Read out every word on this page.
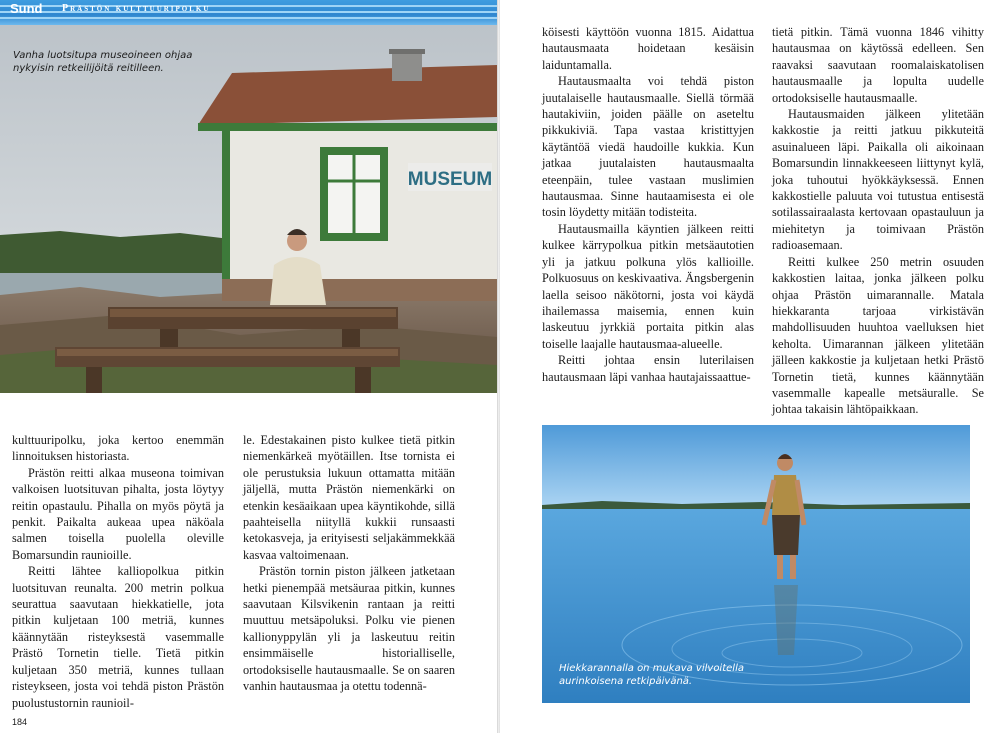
Sund Prästön kulttuuripolku
MUSEUM
Vanha luotsitupa museoineen ohjaa
nykyisin retkeilijöitä reitilleen.

kulttuuripolku, joka kertoo enemmän linnoituksen historiasta.

Prästön reitti alkaa museona toimivan valkoisen luotsituvan pihalta, josta löytyy reitin opastaulu. Pihalla on myös pöytä ja penkit. Paikalta aukeaa upea näköala salmen toisella puolella oleville Bomarsundin raunioille.

Reitti lähtee kalliopolkua pitkin luotsituvan reunalta. 200 metrin polkua seurattua saavutaan hiekkatielle, jota pitkin kuljetaan 100 metriä, kunnes käännytään risteyksestä vasemmalle Prästö Tornetin tielle. Tietä pitkin kuljetaan 350 metriä, kunnes tullaan risteykseen, josta voi tehdä piston Prästön puolustustornin raunioil-

le. Edestakainen pisto kulkee tietä pitkin niemenkärkeä myötäillen. Itse tornista ei ole perustuksia lukuun ottamatta mitään jäljellä, mutta Prästön niemenkärki on etenkin kesäaikaan upea käyntikohde, sillä paahteisella niityllä kukkii runsaasti ketokasveja, ja erityisesti seljakämmekkää kasvaa valtoimenaan.

Prästön tornin piston jälkeen jatketaan hetki pienempää metsäuraa pitkin, kunnes saavutaan Kilsvikenin rantaan ja reitti muuttuu metsäpoluksi. Polku vie pienen kallionyppylän yli ja laskeutuu reitin ensimmäiselle historialliselle, ortodoksiselle hautausmaalle. Se on saaren vanhin hautausmaa ja otettu todennä-

184

köisesti käyttöön vuonna 1815. Aidattua hautausmaata hoidetaan kesäisin laiduntamalla.

Hautausmaalta voi tehdä piston juutalaiselle hautausmaalle. Siellä törmää hautakiviin, joiden päälle on aseteltu pikkukiviä. Tapa vastaa kristittyjen käytäntöä viedä haudoille kukkia. Kun jatkaa juutalaisten hautausmaalta eteenpäin, tulee vastaan muslimien hautausmaa. Sinne hautaamisesta ei ole tosin löydetty mitään todisteita.

Hautausmailla käyntien jälkeen reitti kulkee kärrypolkua pitkin metsäautotien yli ja jatkuu polkuna ylös kallioille. Polkuosuus on keskivaativa. Ängsbergenin laella seisoo näkötorni, josta voi käydä ihailemassa maisemia, ennen kuin laskeutuu jyrkkiä portaita pitkin alas toiselle laajalle hautausmaa-alueelle.

Reitti johtaa ensin luterilaisen hautausmaan läpi vanhaa hautajaissaattue-

tietä pitkin. Tämä vuonna 1846 vihitty hautausmaa on käytössä edelleen. Sen raavaksi saavutaan roomalaiskatolisen hautausmaalle ja lopulta uudelle ortodoksiselle hautausmaalle.

Hautausmaiden jälkeen ylitetään kakkostie ja reitti jatkuu pikkuteitä asuinalueen läpi. Paikalla oli aikoinaan Bomarsundin linnakkeeseen liittynyt kylä, joka tuhoutui hyökkäyksessä. Ennen kakkostielle paluuta voi tutustua entisestä sotilassairaalasta kertovaan opastauluun ja miehitetyn ja toimivaan Prästön radioasemaan.

Reitti kulkee 250 metrin osuuden kakkostien laitaa, jonka jälkeen polku ohjaa Prästön uimarannalle. Matala hiekkaranta tarjoaa virkistävän mahdollisuuden huuhtoa vaelluksen hiet keholta. Uimarannan jälkeen ylitetään jälleen kakkostie ja kuljetaan hetki Prästö Tornetin tietä, kunnes käännytään vasemmalle kapealle metsäuralle. Se johtaa takaisin lähtöpaikkaan.

Hiekkarannalla on mukava vilvoitella
aurinkoisena retkipäivänä.
